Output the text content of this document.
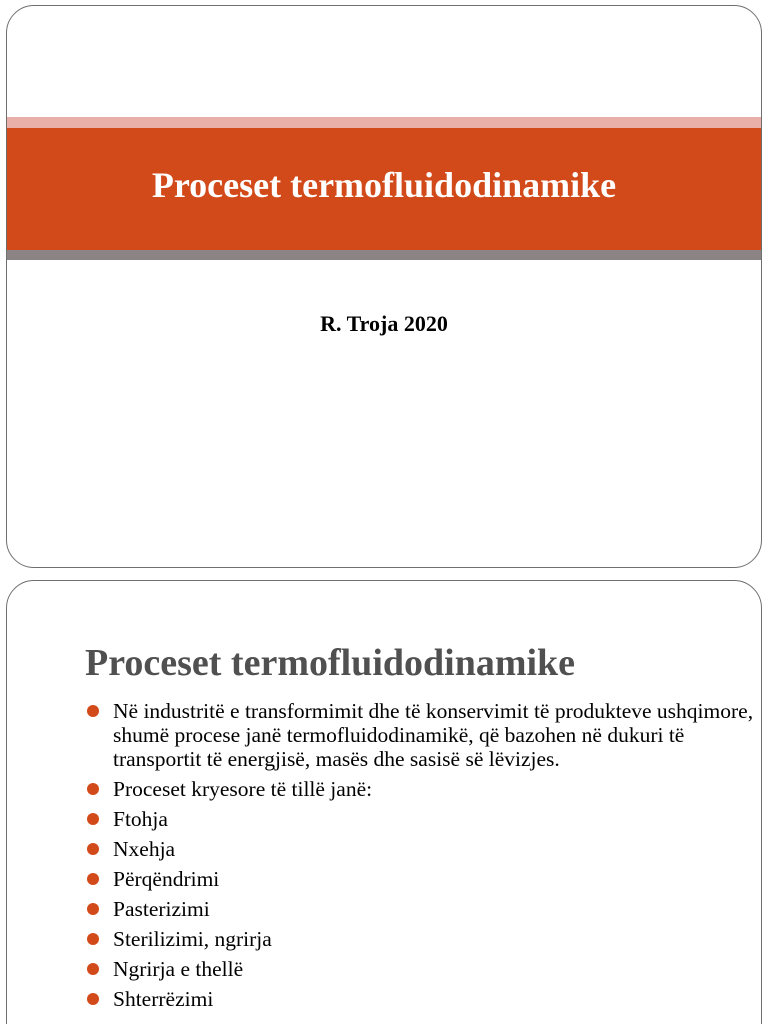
Proceset termofluidodinamike
R. Troja 2020
Proceset termofluidodinamike
Në industritë e transformimit dhe të konservimit të produkteve ushqimore, shumë procese janë termofluidodinamikë, që bazohen në dukuri të transportit të energjisë, masës dhe sasisë së lëvizjes.
Proceset kryesore të tillë janë:
Ftohja
Nxehja
Përqëndrimi
Pasterizimi
Sterilizimi, ngrirja
Ngrirja e thellë
Shterrëzimi
